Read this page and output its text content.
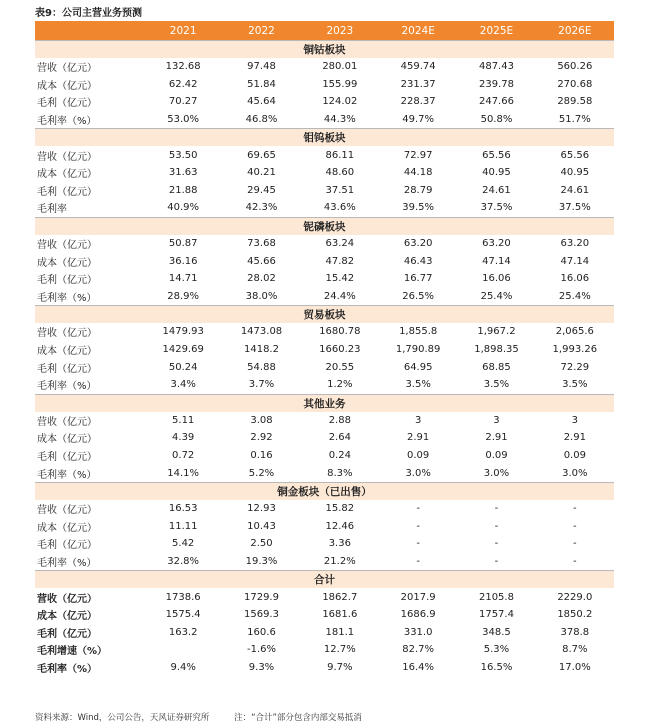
表9：公司主营业务预测
	2021	2022	2023	2024E	2025E	2026E
铜钴板块						
营收（亿元）	132.68	97.48	280.01	459.74	487.43	560.26
成本（亿元）	62.42	51.84	155.99	231.37	239.78	270.68
毛利（亿元）	70.27	45.64	124.02	228.37	247.66	289.58
毛利率（%）	53.0%	46.8%	44.3%	49.7%	50.8%	51.7%
钼钨板块						
营收（亿元）	53.50	69.65	86.11	72.97	65.56	65.56
成本（亿元）	31.63	40.21	48.60	44.18	40.95	40.95
毛利（亿元）	21.88	29.45	37.51	28.79	24.61	24.61
毛利率	40.9%	42.3%	43.6%	39.5%	37.5%	37.5%
铌磷板块						
营收（亿元）	50.87	73.68	63.24	63.20	63.20	63.20
成本（亿元）	36.16	45.66	47.82	46.43	47.14	47.14
毛利（亿元）	14.71	28.02	15.42	16.77	16.06	16.06
毛利率（%）	28.9%	38.0%	24.4%	26.5%	25.4%	25.4%
贸易板块						
营收（亿元）	1479.93	1473.08	1680.78	1,855.8	1,967.2	2,065.6
成本（亿元）	1429.69	1418.2	1660.23	1,790.89	1,898.35	1,993.26
毛利（亿元）	50.24	54.88	20.55	64.95	68.85	72.29
毛利率（%）	3.4%	3.7%	1.2%	3.5%	3.5%	3.5%
其他业务						
营收（亿元）	5.11	3.08	2.88	3	3	3
成本（亿元）	4.39	2.92	2.64	2.91	2.91	2.91
毛利（亿元）	0.72	0.16	0.24	0.09	0.09	0.09
毛利率（%）	14.1%	5.2%	8.3%	3.0%	3.0%	3.0%
铜金板块（已出售）						
营收（亿元）	16.53	12.93	15.82	-	-	-
成本（亿元）	11.11	10.43	12.46	-	-	-
毛利（亿元）	5.42	2.50	3.36	-	-	-
毛利率（%）	32.8%	19.3%	21.2%	-	-	-
合计						
营收（亿元）	1738.6	1729.9	1862.7	2017.9	2105.8	2229.0
成本（亿元）	1575.4	1569.3	1681.6	1686.9	1757.4	1850.2
毛利（亿元）	163.2	160.6	181.1	331.0	348.5	378.8
毛利增速（%）		-1.6%	12.7%	82.7%	5.3%	8.7%
毛利率（%）	9.4%	9.3%	9.7%	16.4%	16.5%	17.0%
资料来源：Wind，公司公告，天风证券研究所	注：“合计”部分包含内部交易抵消
